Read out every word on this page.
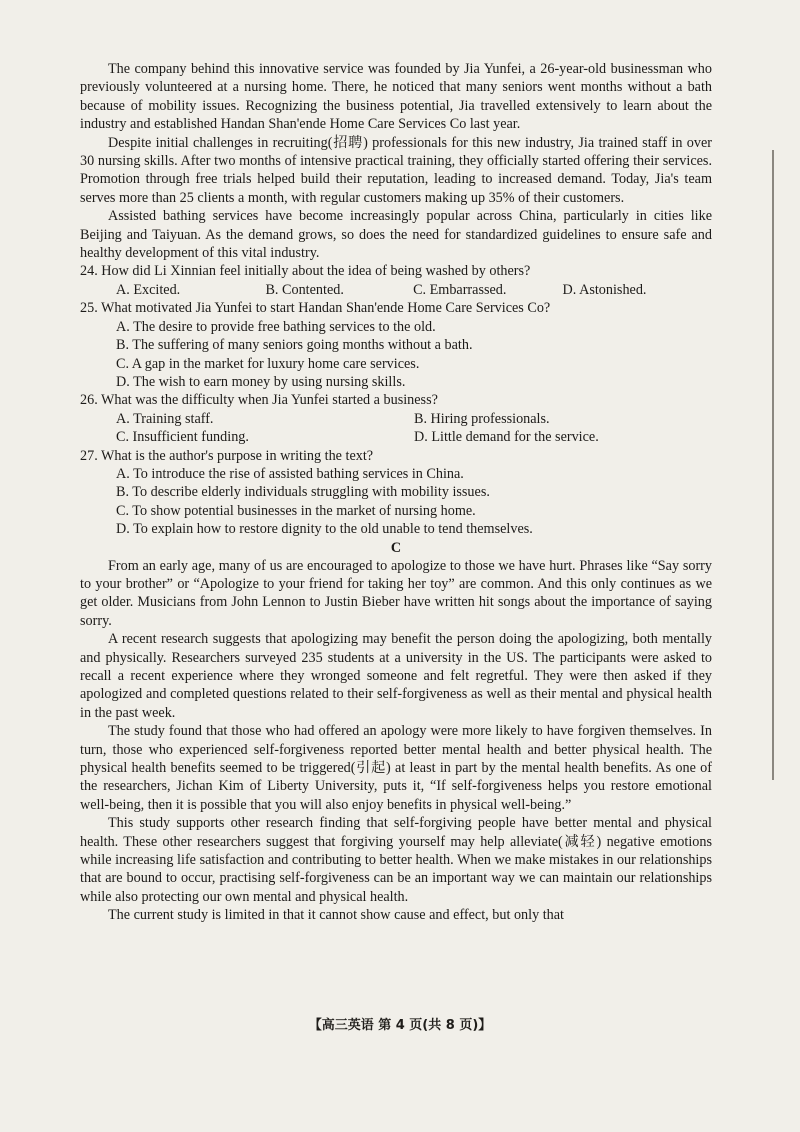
The company behind this innovative service was founded by Jia Yunfei, a 26-year-old businessman who previously volunteered at a nursing home. There, he noticed that many seniors went months without a bath because of mobility issues. Recognizing the business potential, Jia travelled extensively to learn about the industry and established Handan Shan'ende Home Care Services Co last year.

Despite initial challenges in recruiting(招聘) professionals for this new industry, Jia trained staff in over 30 nursing skills. After two months of intensive practical training, they officially started offering their services. Promotion through free trials helped build their reputation, leading to increased demand. Today, Jia's team serves more than 25 clients a month, with regular customers making up 35% of their customers.

Assisted bathing services have become increasingly popular across China, particularly in cities like Beijing and Taiyuan. As the demand grows, so does the need for standardized guidelines to ensure safe and healthy development of this vital industry.

24. How did Li Xinnian feel initially about the idea of being washed by others?

A. Excited.	B. Contented.	C. Embarrassed.	D. Astonished.

25. What motivated Jia Yunfei to start Handan Shan'ende Home Care Services Co?

A. The desire to provide free bathing services to the old.

B. The suffering of many seniors going months without a bath.

C. A gap in the market for luxury home care services.

D. The wish to earn money by using nursing skills.

26. What was the difficulty when Jia Yunfei started a business?

A. Training staff.	B. Hiring professionals.
C. Insufficient funding.	D. Little demand for the service.

27. What is the author's purpose in writing the text?

A. To introduce the rise of assisted bathing services in China.

B. To describe elderly individuals struggling with mobility issues.

C. To show potential businesses in the market of nursing home.

D. To explain how to restore dignity to the old unable to tend themselves.

C

From an early age, many of us are encouraged to apologize to those we have hurt. Phrases like “Say sorry to your brother” or “Apologize to your friend for taking her toy” are common. And this only continues as we get older. Musicians from John Lennon to Justin Bieber have written hit songs about the importance of saying sorry.

A recent research suggests that apologizing may benefit the person doing the apologizing, both mentally and physically. Researchers surveyed 235 students at a university in the US. The participants were asked to recall a recent experience where they wronged someone and felt regretful. They were then asked if they apologized and completed questions related to their self-forgiveness as well as their mental and physical health in the past week.

The study found that those who had offered an apology were more likely to have forgiven themselves. In turn, those who experienced self-forgiveness reported better mental health and better physical health. The physical health benefits seemed to be triggered(引起) at least in part by the mental health benefits. As one of the researchers, Jichan Kim of Liberty University, puts it, “If self-forgiveness helps you restore emotional well-being, then it is possible that you will also enjoy benefits in physical well-being.”

This study supports other research finding that self-forgiving people have better mental and physical health. These other researchers suggest that forgiving yourself may help alleviate(减轻) negative emotions while increasing life satisfaction and contributing to better health. When we make mistakes in our relationships that are bound to occur, practising self-forgiveness can be an important way we can maintain our relationships while also protecting our own mental and physical health.

The current study is limited in that it cannot show cause and effect, but only that

【高三英语 第 4 页(共 8 页)】
